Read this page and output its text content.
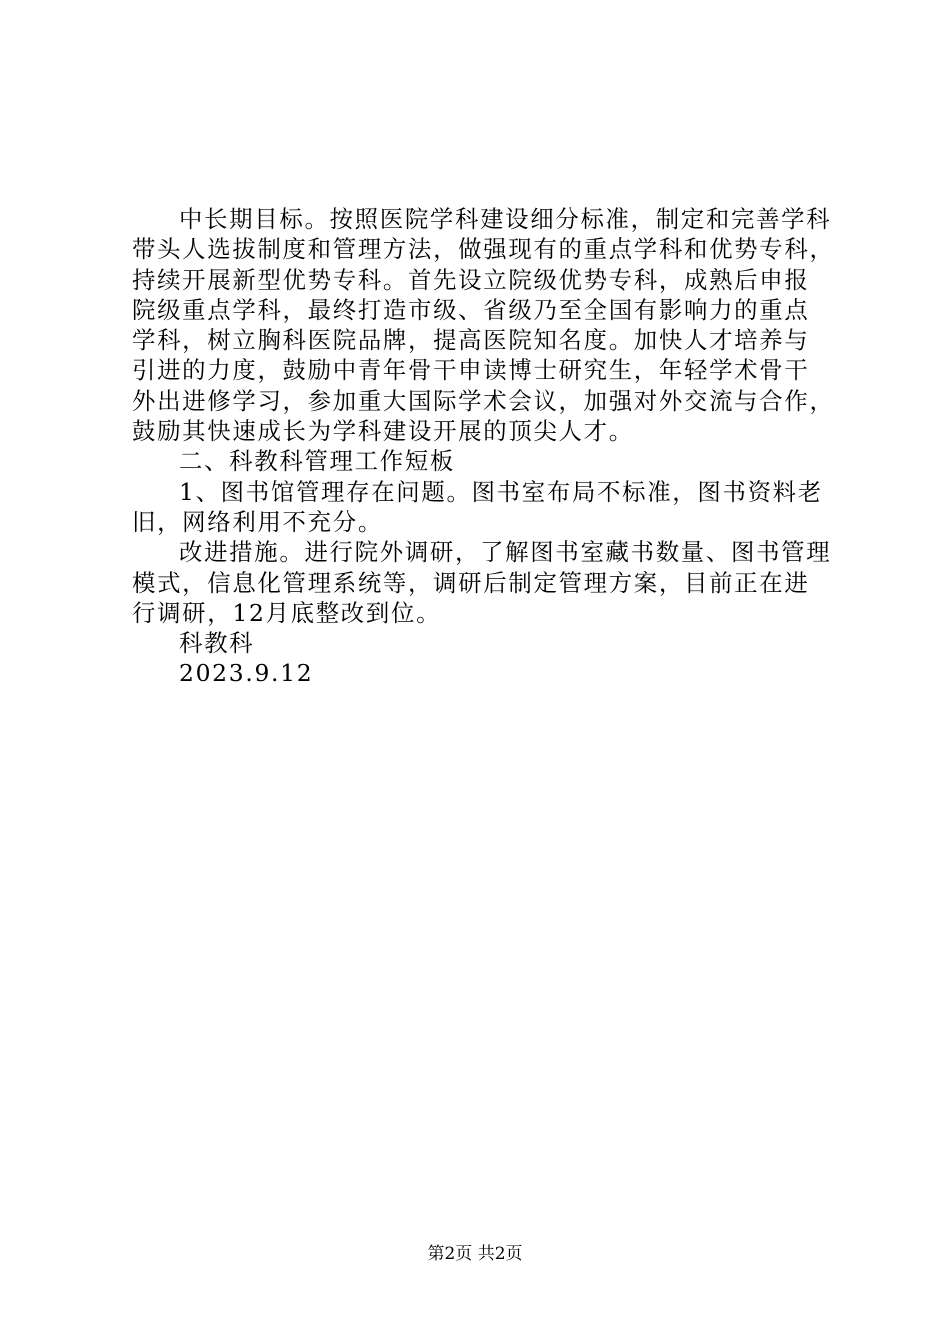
中长期目标。按照医院学科建设细分标准，制定和完善学科
带头人选拔制度和管理方法，做强现有的重点学科和优势专科，
持续开展新型优势专科。首先设立院级优势专科，成熟后申报
院级重点学科，最终打造市级、省级乃至全国有影响力的重点
学科，树立胸科医院品牌，提高医院知名度。加快人才培养与
引进的力度，鼓励中青年骨干申读博士研究生，年轻学术骨干
外出进修学习，参加重大国际学术会议，加强对外交流与合作，
鼓励其快速成长为学科建设开展的顶尖人才。

二、科教科管理工作短板

1、图书馆管理存在问题。图书室布局不标准，图书资料老
旧，网络利用不充分。

改进措施。进行院外调研，了解图书室藏书数量、图书管理
模式，信息化管理系统等，调研后制定管理方案，目前正在进
行调研，12月底整改到位。

科教科

2023.9.12

第2页 共2页
